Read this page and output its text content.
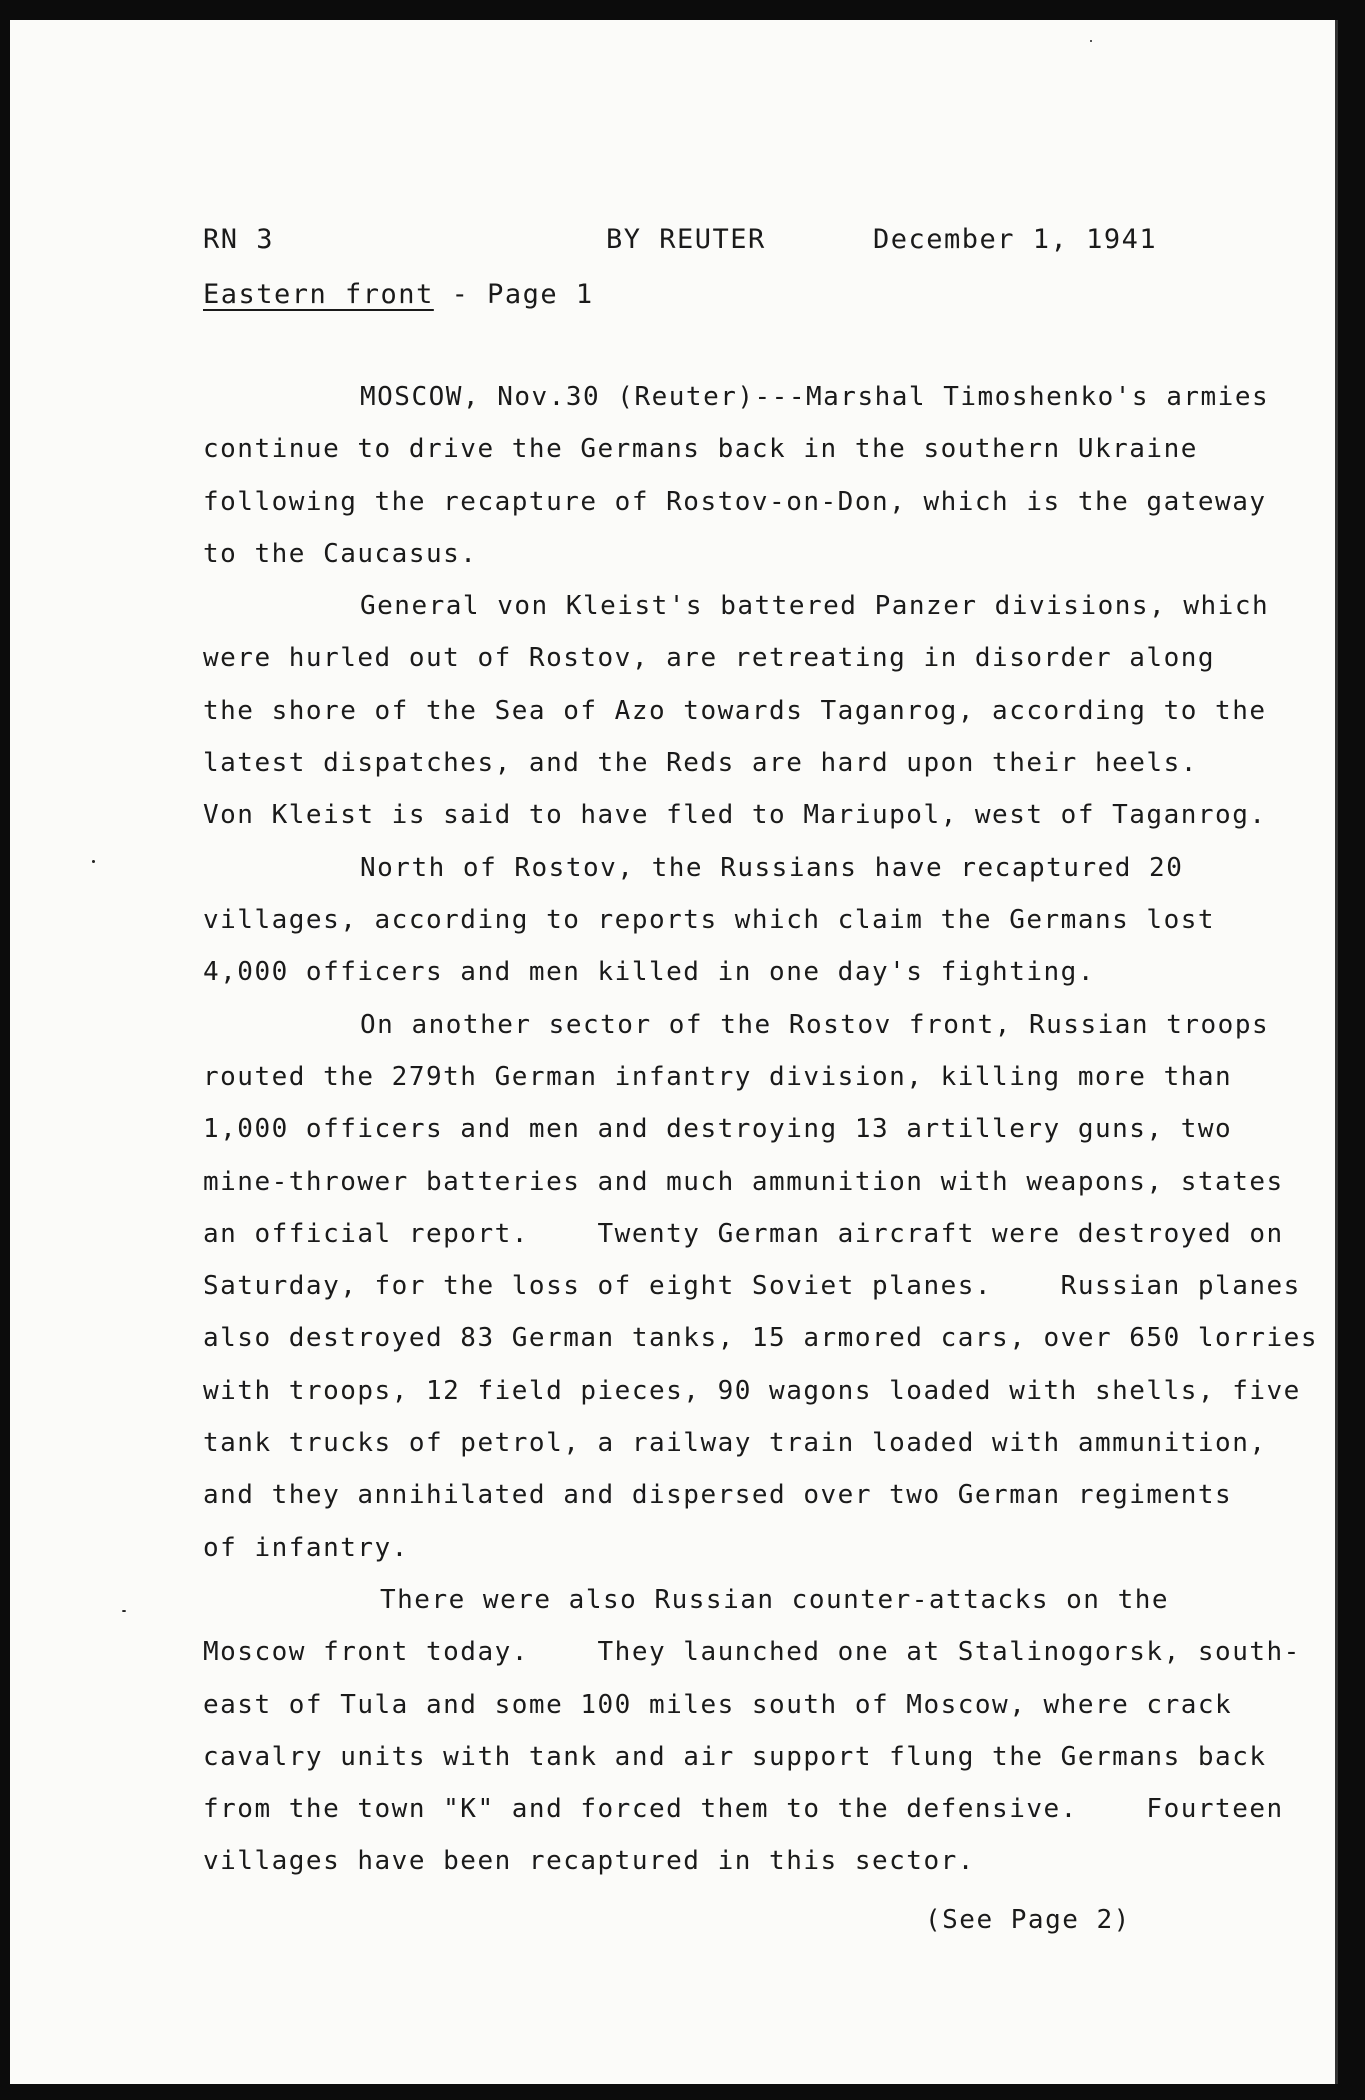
RN 3	BY REUTER	December 1, 1941
Eastern front - Page 1
MOSCOW, Nov.30 (Reuter)---Marshal Timoshenko's armies
continue to drive the Germans back in the southern Ukraine
following the recapture of Rostov-on-Don, which is the gateway
to the Caucasus.
General von Kleist's battered Panzer divisions, which
were hurled out of Rostov, are retreating in disorder along
the shore of the Sea of Azo towards Taganrog, according to the
latest dispatches, and the Reds are hard upon their heels.
Von Kleist is said to have fled to Mariupol, west of Taganrog.
North of Rostov, the Russians have recaptured 20
villages, according to reports which claim the Germans lost
4,000 officers and men killed in one day's fighting.
On another sector of the Rostov front, Russian troops
routed the 279th German infantry division, killing more than
1,000 officers and men and destroying 13 artillery guns, two
mine-thrower batteries and much ammunition with weapons, states
an official report.    Twenty German aircraft were destroyed on
Saturday, for the loss of eight Soviet planes.    Russian planes
also destroyed 83 German tanks, 15 armored cars, over 650 lorries
with troops, 12 field pieces, 90 wagons loaded with shells, five
tank trucks of petrol, a railway train loaded with ammunition,
and they annihilated and dispersed over two German regiments
of infantry.
There were also Russian counter-attacks on the
Moscow front today.    They launched one at Stalinogorsk, south-
east of Tula and some 100 miles south of Moscow, where crack
cavalry units with tank and air support flung the Germans back
from the town "K" and forced them to the defensive.    Fourteen
villages have been recaptured in this sector.
(See Page 2)
